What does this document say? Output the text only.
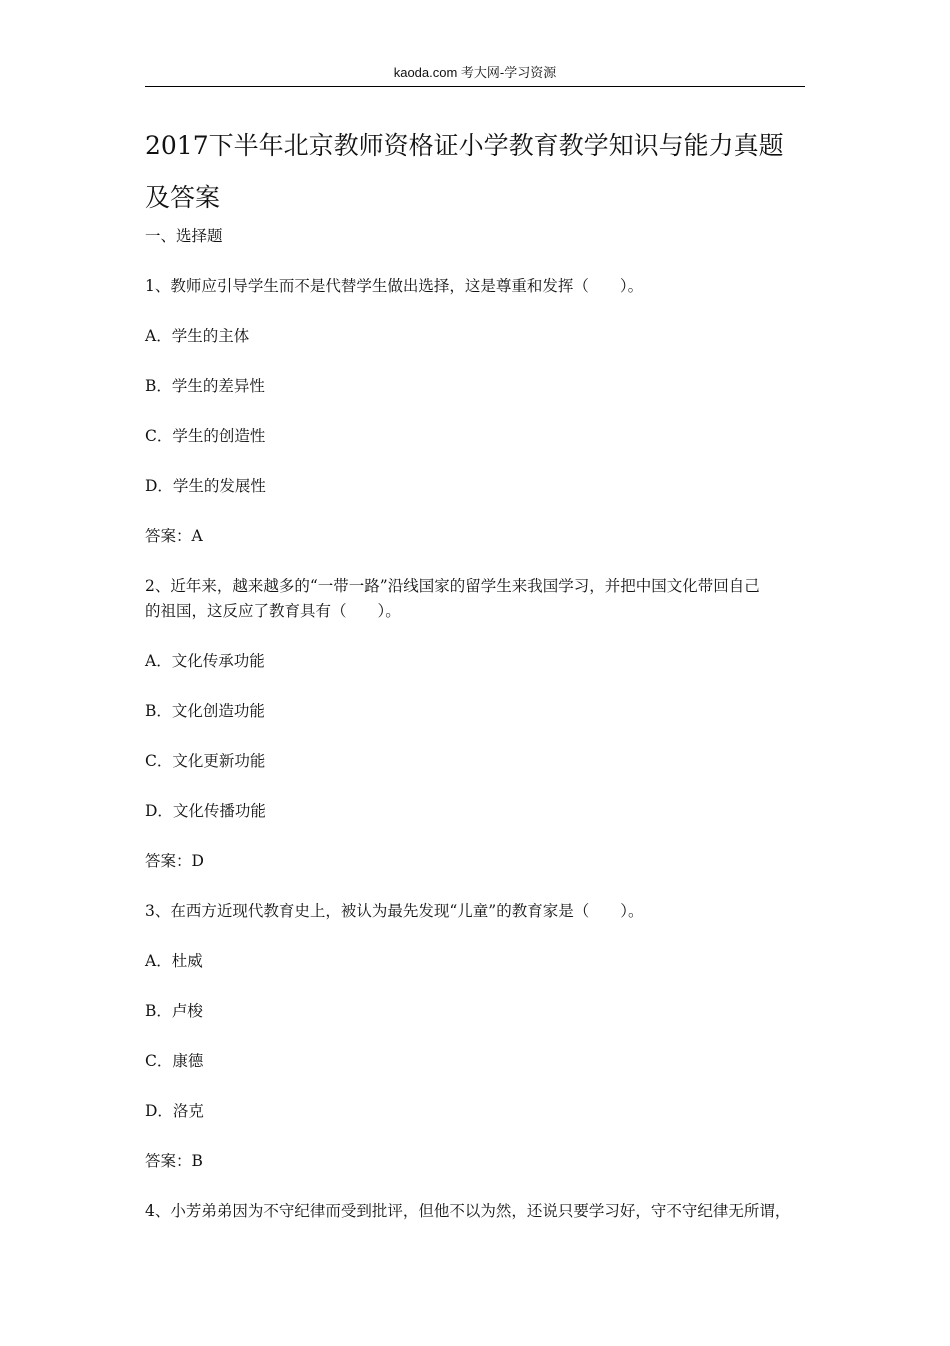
kaoda.com 考大网-学习资源
2017下半年北京教师资格证小学教育教学知识与能力真题
及答案
一、选择题
1、教师应引导学生而不是代替学生做出选择，这是尊重和发挥（　　）。
A．学生的主体
B．学生的差异性
C．学生的创造性
D．学生的发展性
答案：A
2、近年来，越来越多的“一带一路”沿线国家的留学生来我国学习，并把中国文化带回自己
的祖国，这反应了教育具有（　　）。
A．文化传承功能
B．文化创造功能
C．文化更新功能
D．文化传播功能
答案：D
3、在西方近现代教育史上，被认为最先发现“儿童”的教育家是（　　）。
A．杜威
B．卢梭
C．康德
D．洛克
答案：B
4、小芳弟弟因为不守纪律而受到批评，但他不以为然，还说只要学习好，守不守纪律无所谓，
